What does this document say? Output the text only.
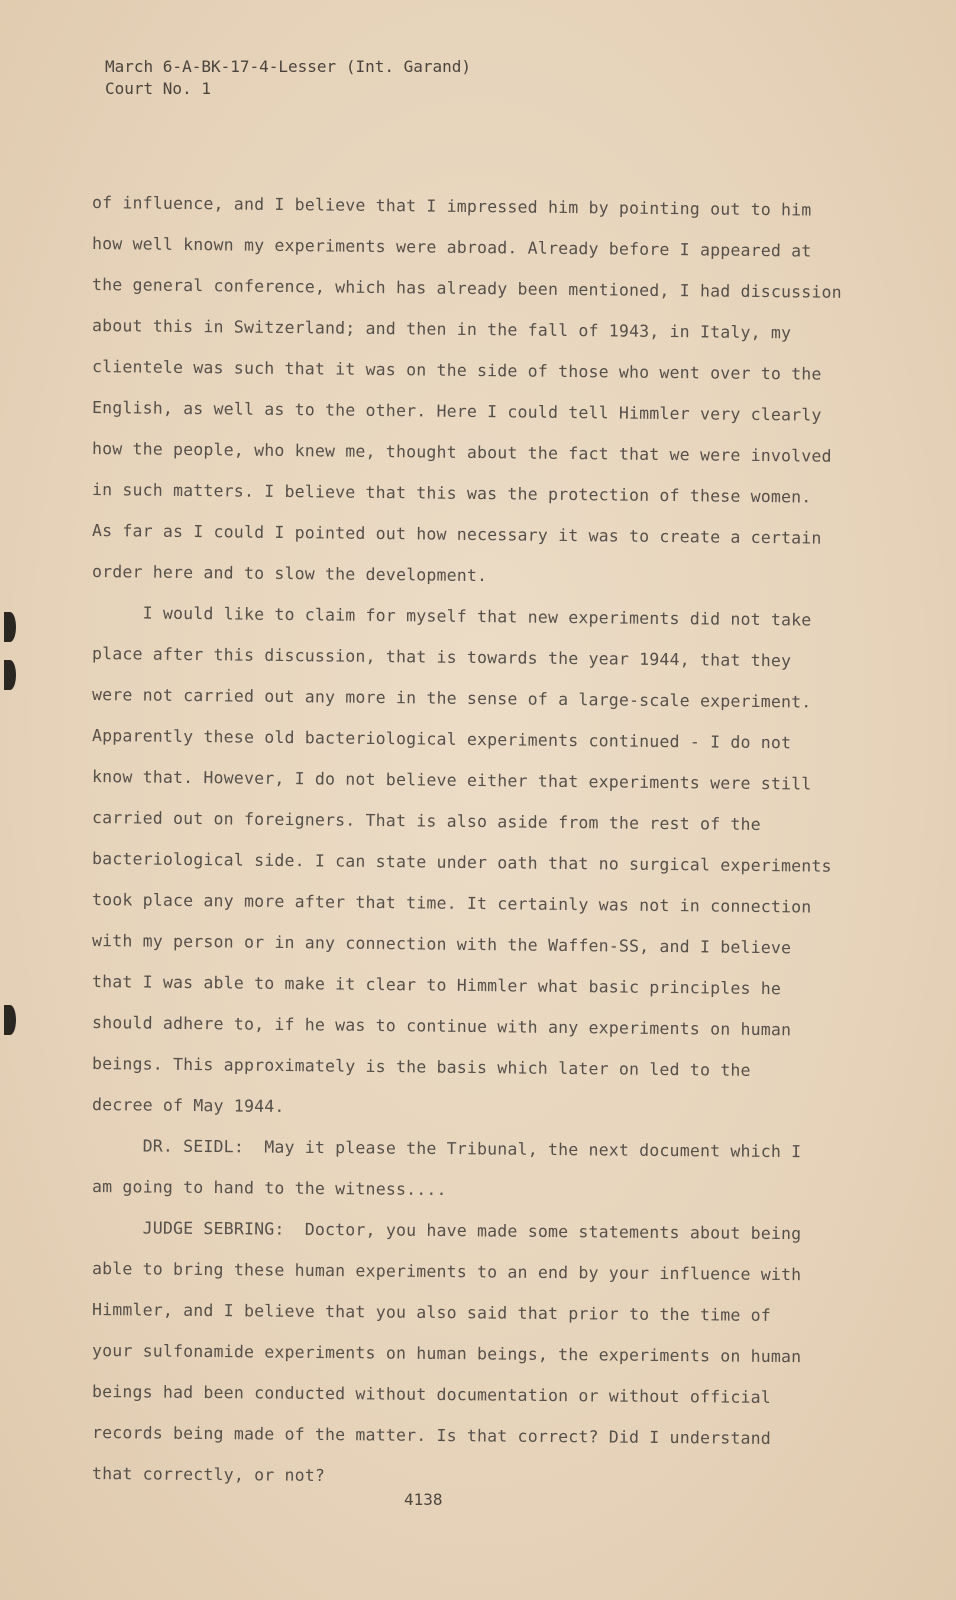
March 6-A-BK-17-4-Lesser (Int. Garand)
Court No. 1

of influence, and I believe that I impressed him by pointing out to him
how well known my experiments were abroad. Already before I appeared at
the general conference, which has already been mentioned, I had discussion
about this in Switzerland; and then in the fall of 1943, in Italy, my
clientele was such that it was on the side of those who went over to the
English, as well as to the other. Here I could tell Himmler very clearly
how the people, who knew me, thought about the fact that we were involved
in such matters. I believe that this was the protection of these women.
As far as I could I pointed out how necessary it was to create a certain
order here and to slow the development.

I would like to claim for myself that new experiments did not take
place after this discussion, that is towards the year 1944, that they
were not carried out any more in the sense of a large-scale experiment.
Apparently these old bacteriological experiments continued - I do not
know that. However, I do not believe either that experiments were still
carried out on foreigners. That is also aside from the rest of the
bacteriological side. I can state under oath that no surgical experiments
took place any more after that time. It certainly was not in connection
with my person or in any connection with the Waffen-SS, and I believe
that I was able to make it clear to Himmler what basic principles he
should adhere to, if he was to continue with any experiments on human
beings. This approximately is the basis which later on led to the
decree of May 1944.

DR. SEIDL:  May it please the Tribunal, the next document which I
am going to hand to the witness....

JUDGE SEBRING:  Doctor, you have made some statements about being
able to bring these human experiments to an end by your influence with
Himmler, and I believe that you also said that prior to the time of
your sulfonamide experiments on human beings, the experiments on human
beings had been conducted without documentation or without official
records being made of the matter. Is that correct? Did I understand
that correctly, or not?

4138
